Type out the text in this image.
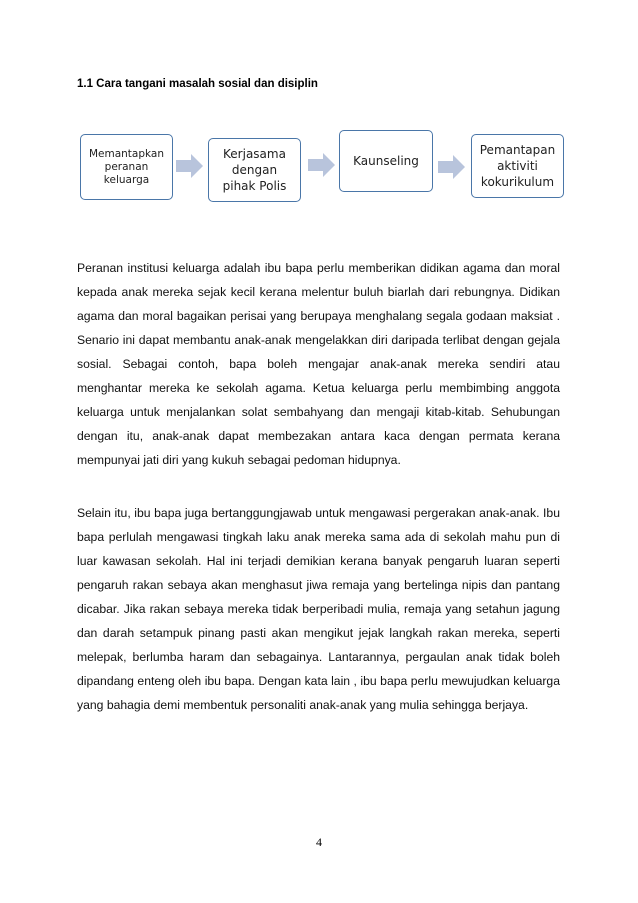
1.1 Cara tangani masalah sosial dan disiplin
Memantapkan
peranan
keluarga
Kerjasama
dengan
pihak Polis
Kaunseling
Pemantapan
aktiviti
kokurikulum

Peranan institusi keluarga adalah ibu bapa perlu memberikan didikan agama dan moral kepada anak mereka sejak kecil kerana melentur buluh biarlah dari rebungnya. Didikan agama dan moral bagaikan perisai yang berupaya menghalang segala godaan maksiat . Senario ini dapat membantu anak-anak mengelakkan diri daripada terlibat dengan gejala sosial. Sebagai contoh, bapa boleh mengajar anak-anak mereka sendiri atau menghantar mereka ke sekolah agama. Ketua keluarga perlu membimbing anggota keluarga untuk menjalankan solat sembahyang dan mengaji kitab-kitab. Sehubungan dengan itu, anak-anak dapat membezakan antara kaca dengan permata kerana mempunyai jati diri yang kukuh sebagai pedoman hidupnya.

Selain itu, ibu bapa juga bertanggungjawab untuk mengawasi pergerakan anak-anak. Ibu bapa perlulah mengawasi tingkah laku anak mereka sama ada di sekolah mahu pun di luar kawasan sekolah. Hal ini terjadi demikian kerana banyak pengaruh luaran seperti pengaruh rakan sebaya akan menghasut jiwa remaja yang bertelinga nipis dan pantang dicabar. Jika rakan sebaya mereka tidak berperibadi mulia, remaja yang setahun jagung dan darah setampuk pinang pasti akan mengikut jejak langkah rakan mereka, seperti melepak, berlumba haram dan sebagainya. Lantarannya, pergaulan anak tidak boleh dipandang enteng oleh ibu bapa. Dengan kata lain , ibu bapa perlu mewujudkan keluarga yang bahagia demi membentuk personaliti anak-anak yang mulia sehingga berjaya.

4
